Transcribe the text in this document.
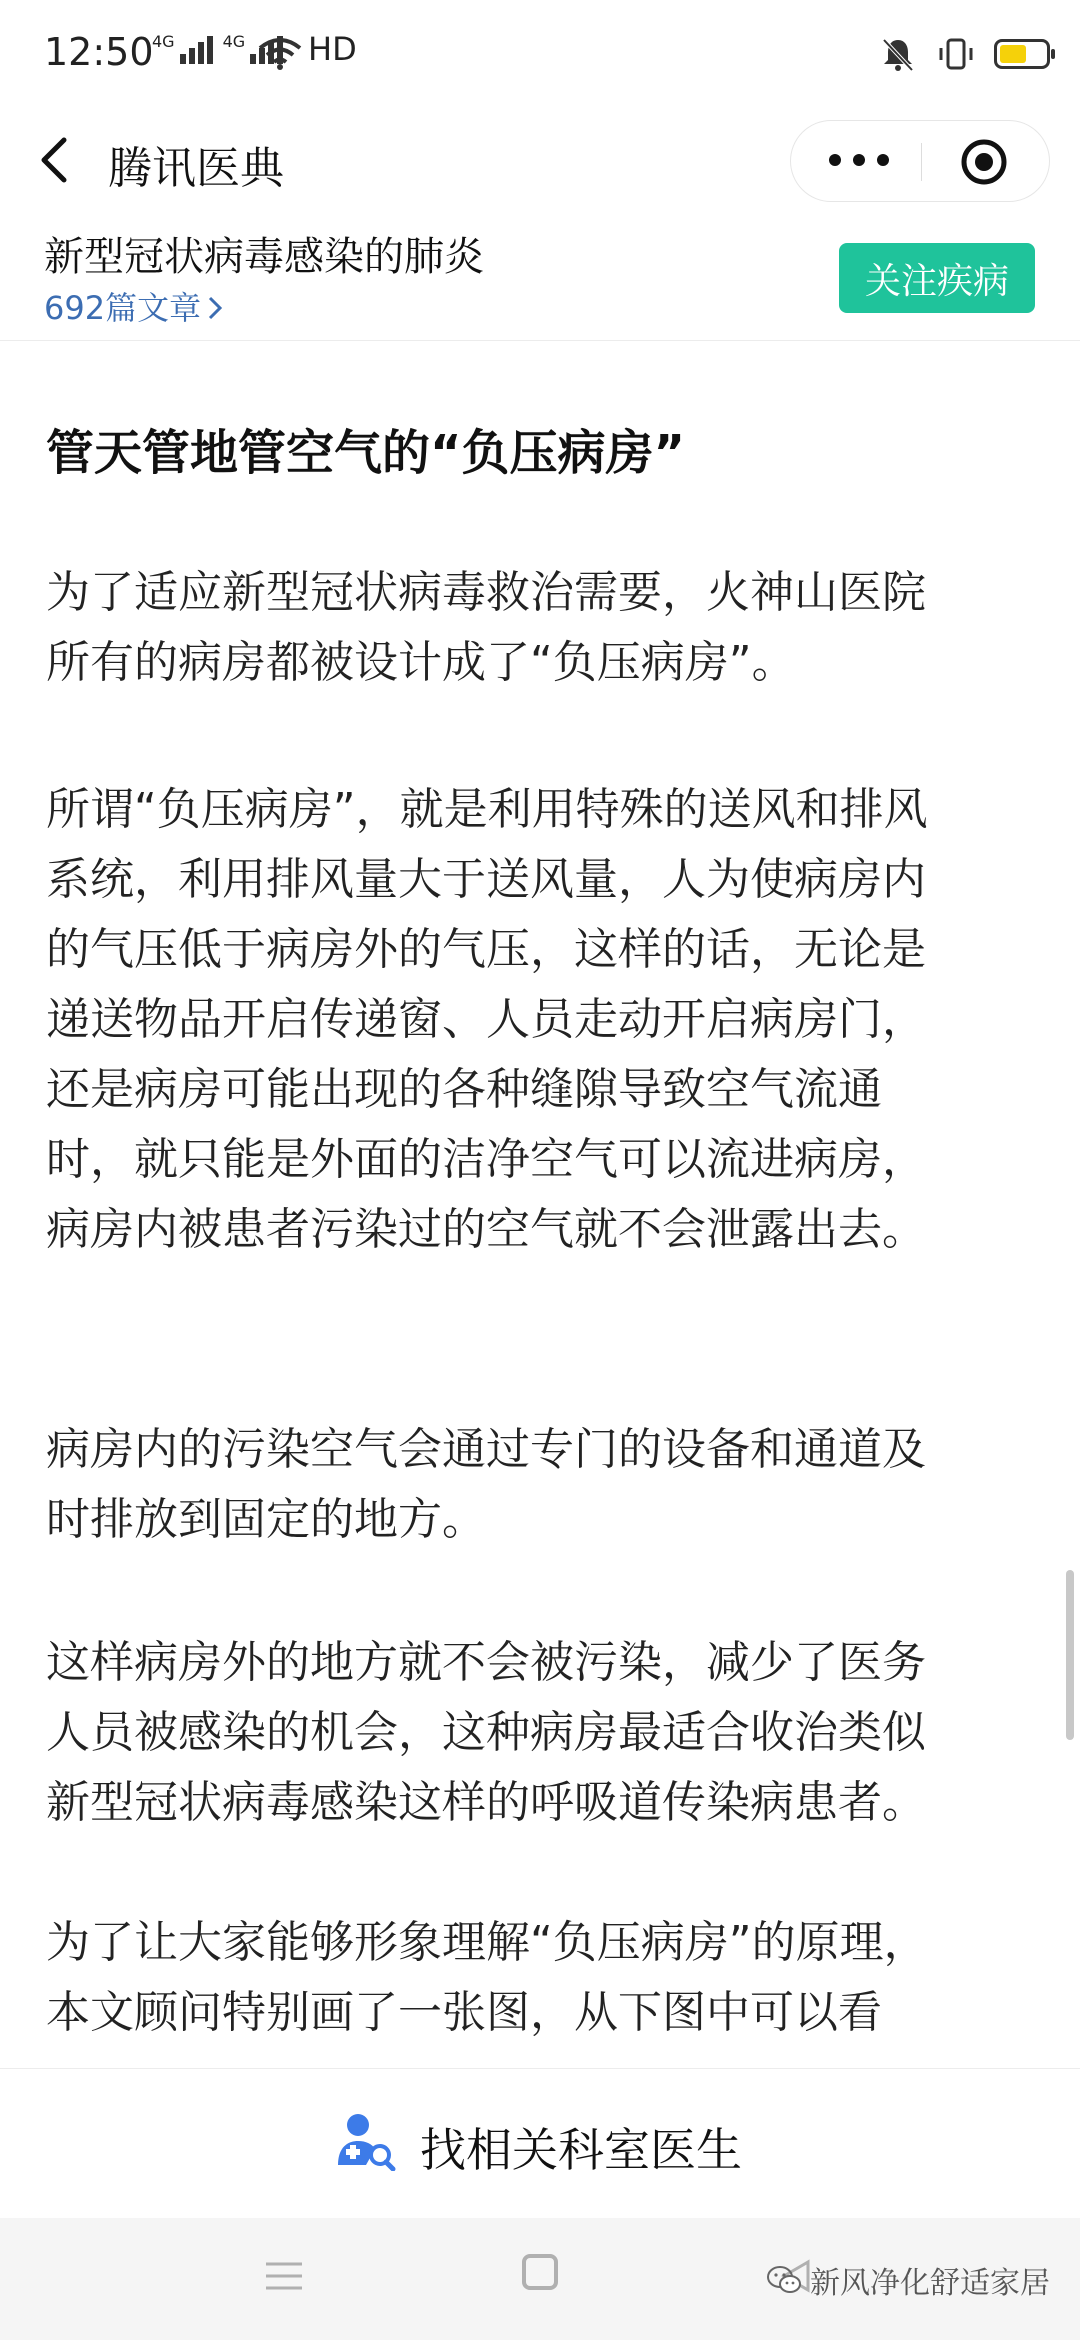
12:50
4G	4G HD
腾讯医典
新型冠状病毒感染的肺炎
692篇文章
关注疾病
管天管地管空气的“负压病房”

为了适应新型冠状病毒救治需要，火神山医院
所有的病房都被设计成了“负压病房”。

所谓“负压病房”，就是利用特殊的送风和排风
系统，利用排风量大于送风量，人为使病房内
的气压低于病房外的气压，这样的话，无论是
递送物品开启传递窗、人员走动开启病房门，
还是病房可能出现的各种缝隙导致空气流通
时，就只能是外面的洁净空气可以流进病房，
病房内被患者污染过的空气就不会泄露出去。

病房内的污染空气会通过专门的设备和通道及
时排放到固定的地方。

这样病房外的地方就不会被污染，减少了医务
人员被感染的机会，这种病房最适合收治类似
新型冠状病毒感染这样的呼吸道传染病患者。

为了让大家能够形象理解“负压病房”的原理，
本文顾问特别画了一张图，从下图中可以看

找相关科室医生
新风净化舒适家居
